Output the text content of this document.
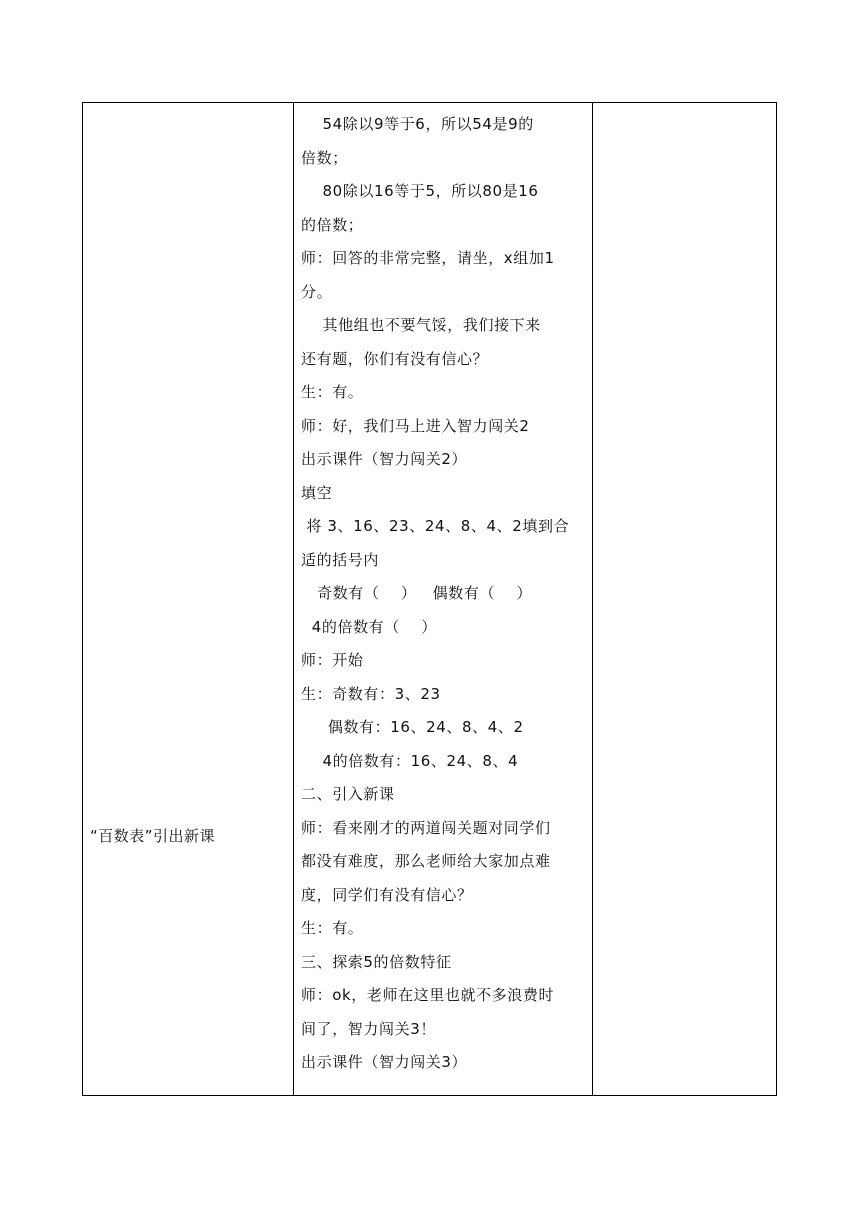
“百数表”引出新课
54除以9等于6，所以54是9的
倍数；
80除以16等于5，所以80是16
的倍数；
师：回答的非常完整，请坐，x组加1
分。
其他组也不要气馁，我们接下来
还有题，你们有没有信心？
生：有。
师：好，我们马上进入智力闯关2
出示课件（智力闯关2）
填空
将 3、16、23、24、8、4、2填到合
适的括号内
奇数有（    ）   偶数有（    ）
4的倍数有（    ）
师：开始
生：奇数有：3、23
偶数有：16、24、8、4、2
4的倍数有：16、24、8、4
二、引入新课
师：看来刚才的两道闯关题对同学们
都没有难度，那么老师给大家加点难
度，同学们有没有信心？
生：有。
三、探索5的倍数特征
师：ok，老师在这里也就不多浪费时
间了，智力闯关3！
出示课件（智力闯关3）
